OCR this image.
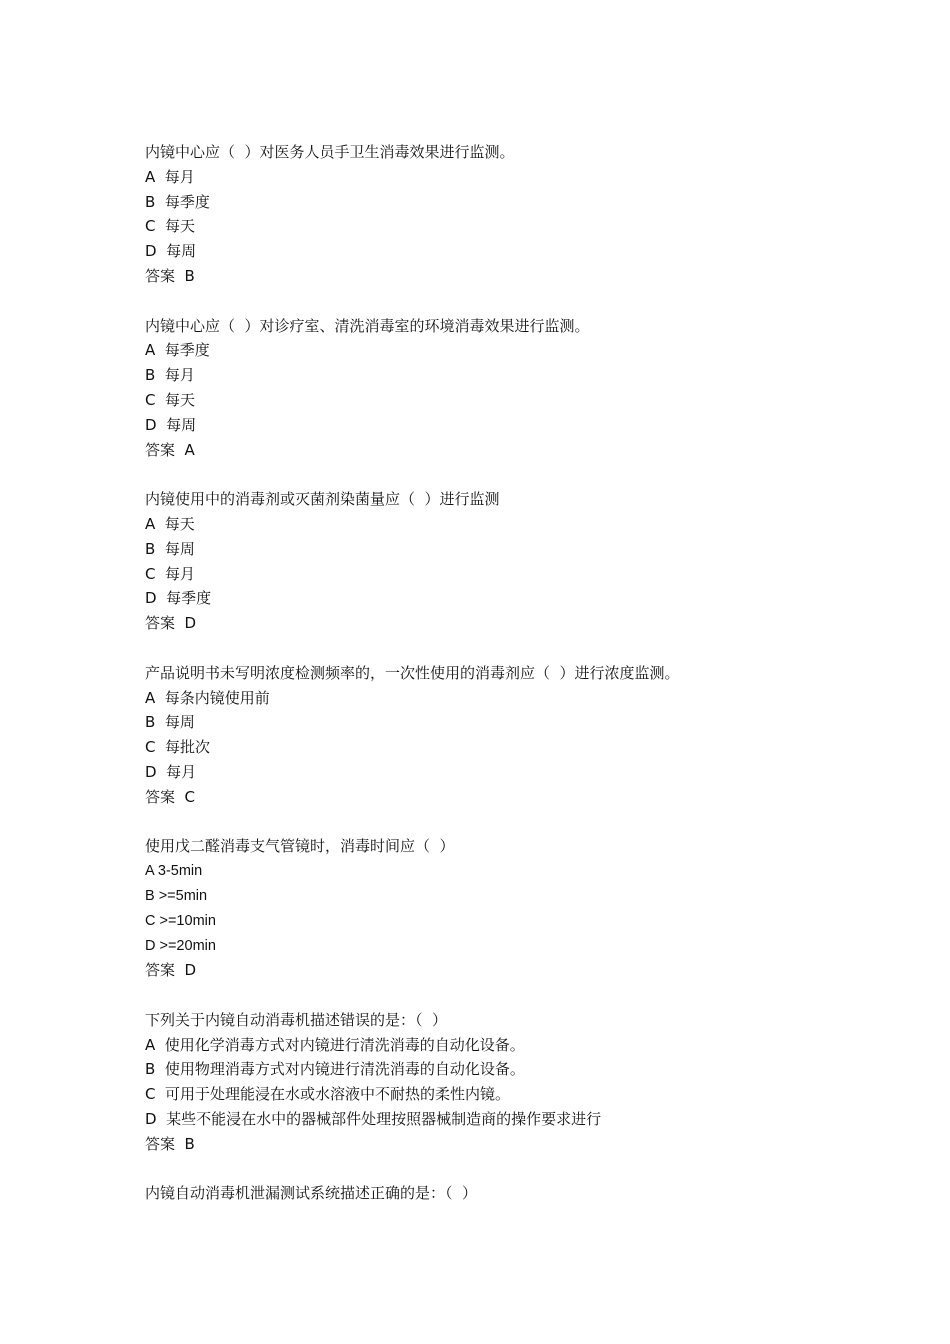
内镜中心应（  ）对医务人员手卫生消毒效果进行监测。
A  每月
B  每季度
C  每天
D  每周
答案  B
内镜中心应（  ）对诊疗室、清洗消毒室的环境消毒效果进行监测。
A  每季度
B  每月
C  每天
D  每周
答案  A
内镜使用中的消毒剂或灭菌剂染菌量应（  ）进行监测
A  每天
B  每周
C  每月
D  每季度
答案  D
产品说明书未写明浓度检测频率的，一次性使用的消毒剂应（  ）进行浓度监测。
A  每条内镜使用前
B  每周
C  每批次
D  每月
答案  C
使用戊二醛消毒支气管镜时，消毒时间应（  ）
A 3-5min
B >=5min
C >=10min
D >=20min
答案  D
下列关于内镜自动消毒机描述错误的是：（  ）
A  使用化学消毒方式对内镜进行清洗消毒的自动化设备。
B  使用物理消毒方式对内镜进行清洗消毒的自动化设备。
C  可用于处理能浸在水或水溶液中不耐热的柔性内镜。
D  某些不能浸在水中的器械部件处理按照器械制造商的操作要求进行
答案  B
内镜自动消毒机泄漏测试系统描述正确的是：（  ）
